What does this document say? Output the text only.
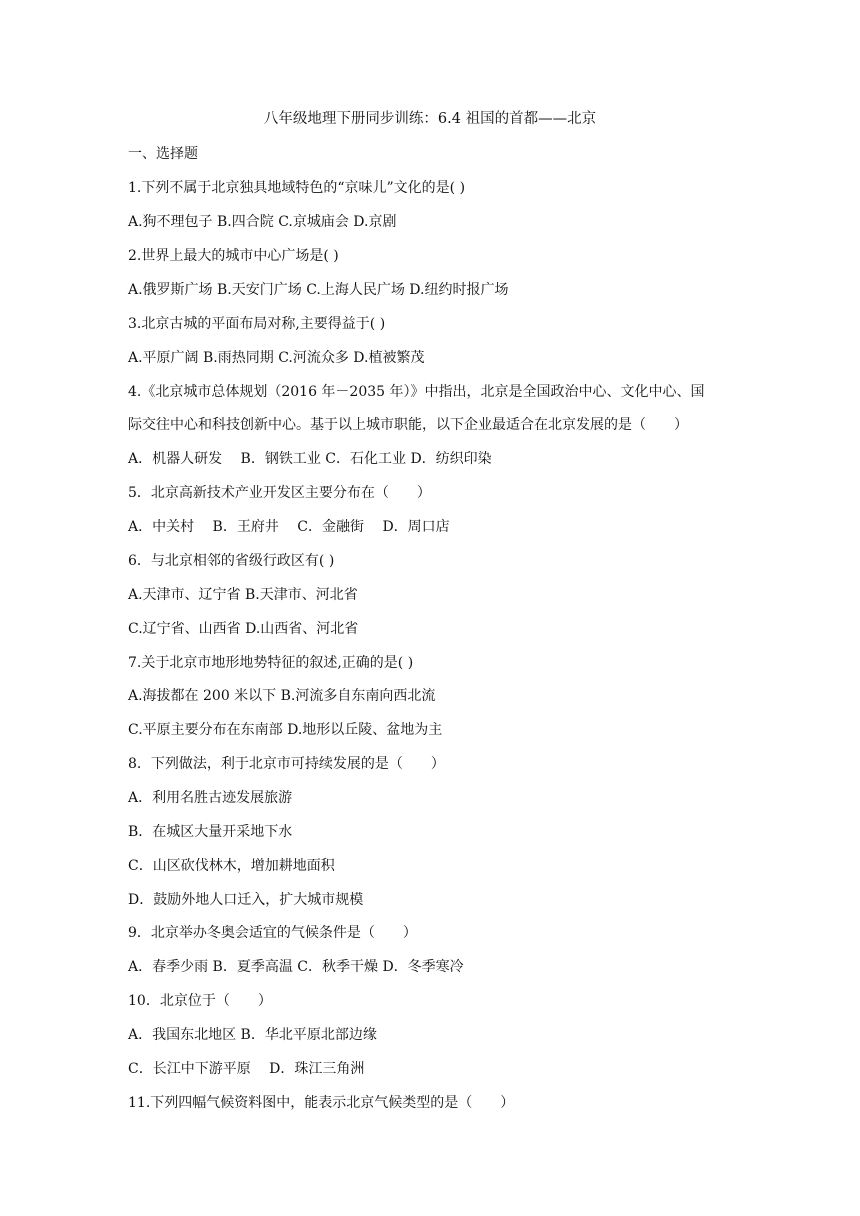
八年级地理下册同步训练：6.4 祖国的首都——北京
一、选择题
1.下列不属于北京独具地域特色的“京味儿”文化的是( )
A.狗不理包子 B.四合院 C.京城庙会 D.京剧
2.世界上最大的城市中心广场是( )
A.俄罗斯广场 B.天安门广场 C.上海人民广场 D.纽约时报广场
3.北京古城的平面布局对称,主要得益于( )
A.平原广阔 B.雨热同期 C.河流众多 D.植被繁茂
4.《北京城市总体规划（2016 年－2035 年）》中指出，北京是全国政治中心、文化中心、国
际交往中心和科技创新中心。基于以上城市职能，以下企业最适合在北京发展的是（　　）
A．机器人研发　 B．钢铁工业 C．石化工业 D．纺织印染
5．北京高新技术产业开发区主要分布在（　　）
A．中关村　 B．王府井　 C．金融街　 D．周口店
6．与北京相邻的省级行政区有( )
A.天津市、辽宁省 B.天津市、河北省
C.辽宁省、山西省 D.山西省、河北省
7.关于北京市地形地势特征的叙述,正确的是( )
A.海拔都在 200 米以下 B.河流多自东南向西北流
C.平原主要分布在东南部 D.地形以丘陵、盆地为主
8．下列做法，利于北京市可持续发展的是（　　）
A．利用名胜古迹发展旅游
B．在城区大量开采地下水
C．山区砍伐林木，增加耕地面积
D．鼓励外地人口迁入，扩大城市规模
9．北京举办冬奥会适宜的气候条件是（　　）
A．春季少雨 B．夏季高温 C．秋季干燥 D．冬季寒冷
10．北京位于（　　）
A．我国东北地区 B．华北平原北部边缘
C．长江中下游平原　 D．珠江三角洲
11.下列四幅气候资料图中，能表示北京气候类型的是（　　）
